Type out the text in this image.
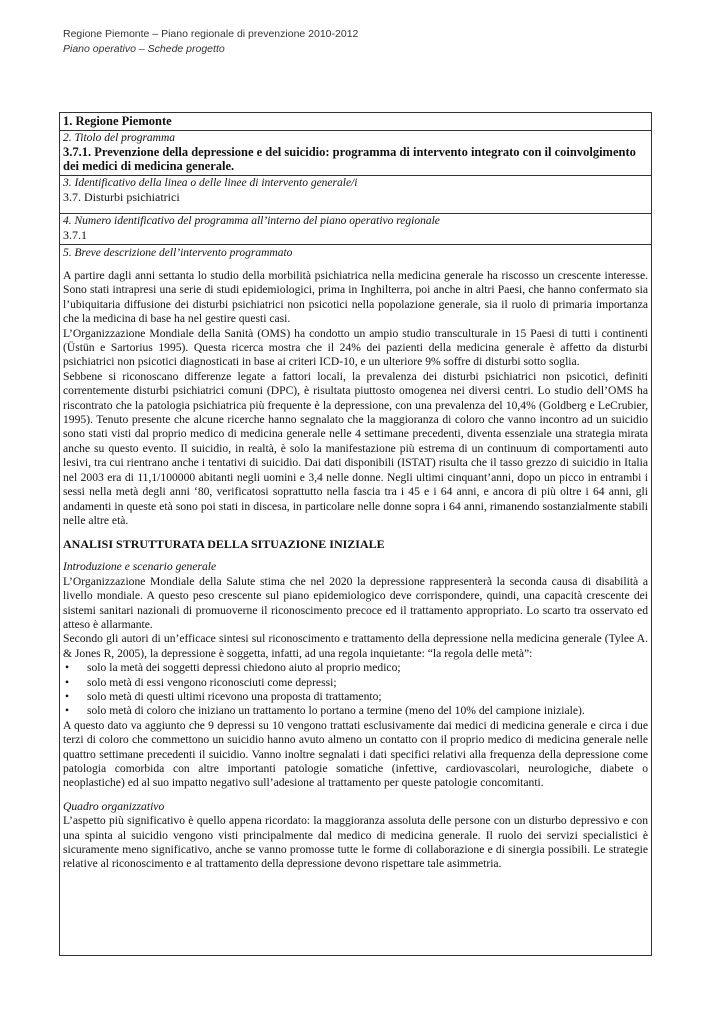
Regione Piemonte – Piano regionale di prevenzione 2010-2012
Piano operativo – Schede progetto
1. Regione Piemonte
2. Titolo del programma
3.7.1. Prevenzione della depressione e del suicidio: programma di intervento integrato con il coinvolgimento dei medici di medicina generale.
3. Identificativo della linea o delle linee di intervento generale/i
3.7. Disturbi psichiatrici
4. Numero identificativo del programma all’interno del piano operativo regionale
3.7.1
5. Breve descrizione dell’intervento programmato

A partire dagli anni settanta lo studio della morbilità psichiatrica nella medicina generale ha riscosso un crescente interesse. Sono stati intrapresi una serie di studi epidemiologici, prima in Inghilterra, poi anche in altri Paesi, che hanno confermato sia l’ubiquitaria diffusione dei disturbi psichiatrici non psicotici nella popolazione generale, sia il ruolo di primaria importanza che la medicina di base ha nel gestire questi casi.

L’Organizzazione Mondiale della Sanità (OMS) ha condotto un ampio studio transculturale in 15 Paesi di tutti i continenti (Üstün e Sartorius 1995). Questa ricerca mostra che il 24% dei pazienti della medicina generale è affetto da disturbi psichiatrici non psicotici diagnosticati in base ai criteri ICD-10, e un ulteriore 9% soffre di disturbi sotto soglia.

Sebbene si riconoscano differenze legate a fattori locali, la prevalenza dei disturbi psichiatrici non psicotici, definiti correntemente disturbi psichiatrici comuni (DPC), è risultata piuttosto omogenea nei diversi centri. Lo studio dell’OMS ha riscontrato che la patologia psichiatrica più frequente è la depressione, con una prevalenza del 10,4% (Goldberg e LeCrubier, 1995). Tenuto presente che alcune ricerche hanno segnalato che la maggioranza di coloro che vanno incontro ad un suicidio sono stati visti dal proprio medico di medicina generale nelle 4 settimane precedenti, diventa essenziale una strategia mirata anche su questo evento. Il suicidio, in realtà, è solo la manifestazione più estrema di un continuum di comportamenti auto lesivi, tra cui rientrano anche i tentativi di suicidio. Dai dati disponibili (ISTAT) risulta che il tasso grezzo di suicidio in Italia nel 2003 era di 11,1/100000 abitanti negli uomini e 3,4 nelle donne. Negli ultimi cinquant’anni, dopo un picco in entrambi i sessi nella metà degli anni ‘80, verificatosi soprattutto nella fascia tra i 45 e i 64 anni, e ancora di più oltre i 64 anni, gli andamenti in queste età sono poi stati in discesa, in particolare nelle donne sopra i 64 anni, rimanendo sostanzialmente stabili nelle altre età.

ANALISI STRUTTURATA DELLA SITUAZIONE INIZIALE

Introduzione e scenario generale

L’Organizzazione Mondiale della Salute stima che nel 2020 la depressione rappresenterà la seconda causa di disabilità a livello mondiale. A questo peso crescente sul piano epidemiologico deve corrispondere, quindi, una capacità crescente dei sistemi sanitari nazionali di promuoverne il riconoscimento precoce ed il trattamento appropriato. Lo scarto tra osservato ed atteso è allarmante.

Secondo gli autori di un’efficace sintesi sul riconoscimento e trattamento della depressione nella medicina generale (Tylee A. & Jones R, 2005), la depressione è soggetta, infatti, ad una regola inquietante: “la regola delle metà”:

• solo la metà dei soggetti depressi chiedono aiuto al proprio medico;
• solo metà di essi vengono riconosciuti come depressi;
• solo metà di questi ultimi ricevono una proposta di trattamento;
• solo metà di coloro che iniziano un trattamento lo portano a termine (meno del 10% del campione iniziale).

A questo dato va aggiunto che 9 depressi su 10 vengono trattati esclusivamente dai medici di medicina generale e circa i due terzi di coloro che commettono un suicidio hanno avuto almeno un contatto con il proprio medico di medicina generale nelle quattro settimane precedenti il suicidio. Vanno inoltre segnalati i dati specifici relativi alla frequenza della depressione come patologia comorbida con altre importanti patologie somatiche (infettive, cardiovascolari, neurologiche, diabete o neoplastiche) ed al suo impatto negativo sull’adesione al trattamento per queste patologie concomitanti.

Quadro organizzativo

L’aspetto più significativo è quello appena ricordato: la maggioranza assoluta delle persone con un disturbo depressivo e con una spinta al suicidio vengono visti principalmente dal medico di medicina generale. Il ruolo dei servizi specialistici è sicuramente meno significativo, anche se vanno promosse tutte le forme di collaborazione e di sinergia possibili. Le strategie relative al riconoscimento e al trattamento della depressione devono rispettare tale asimmetria.
